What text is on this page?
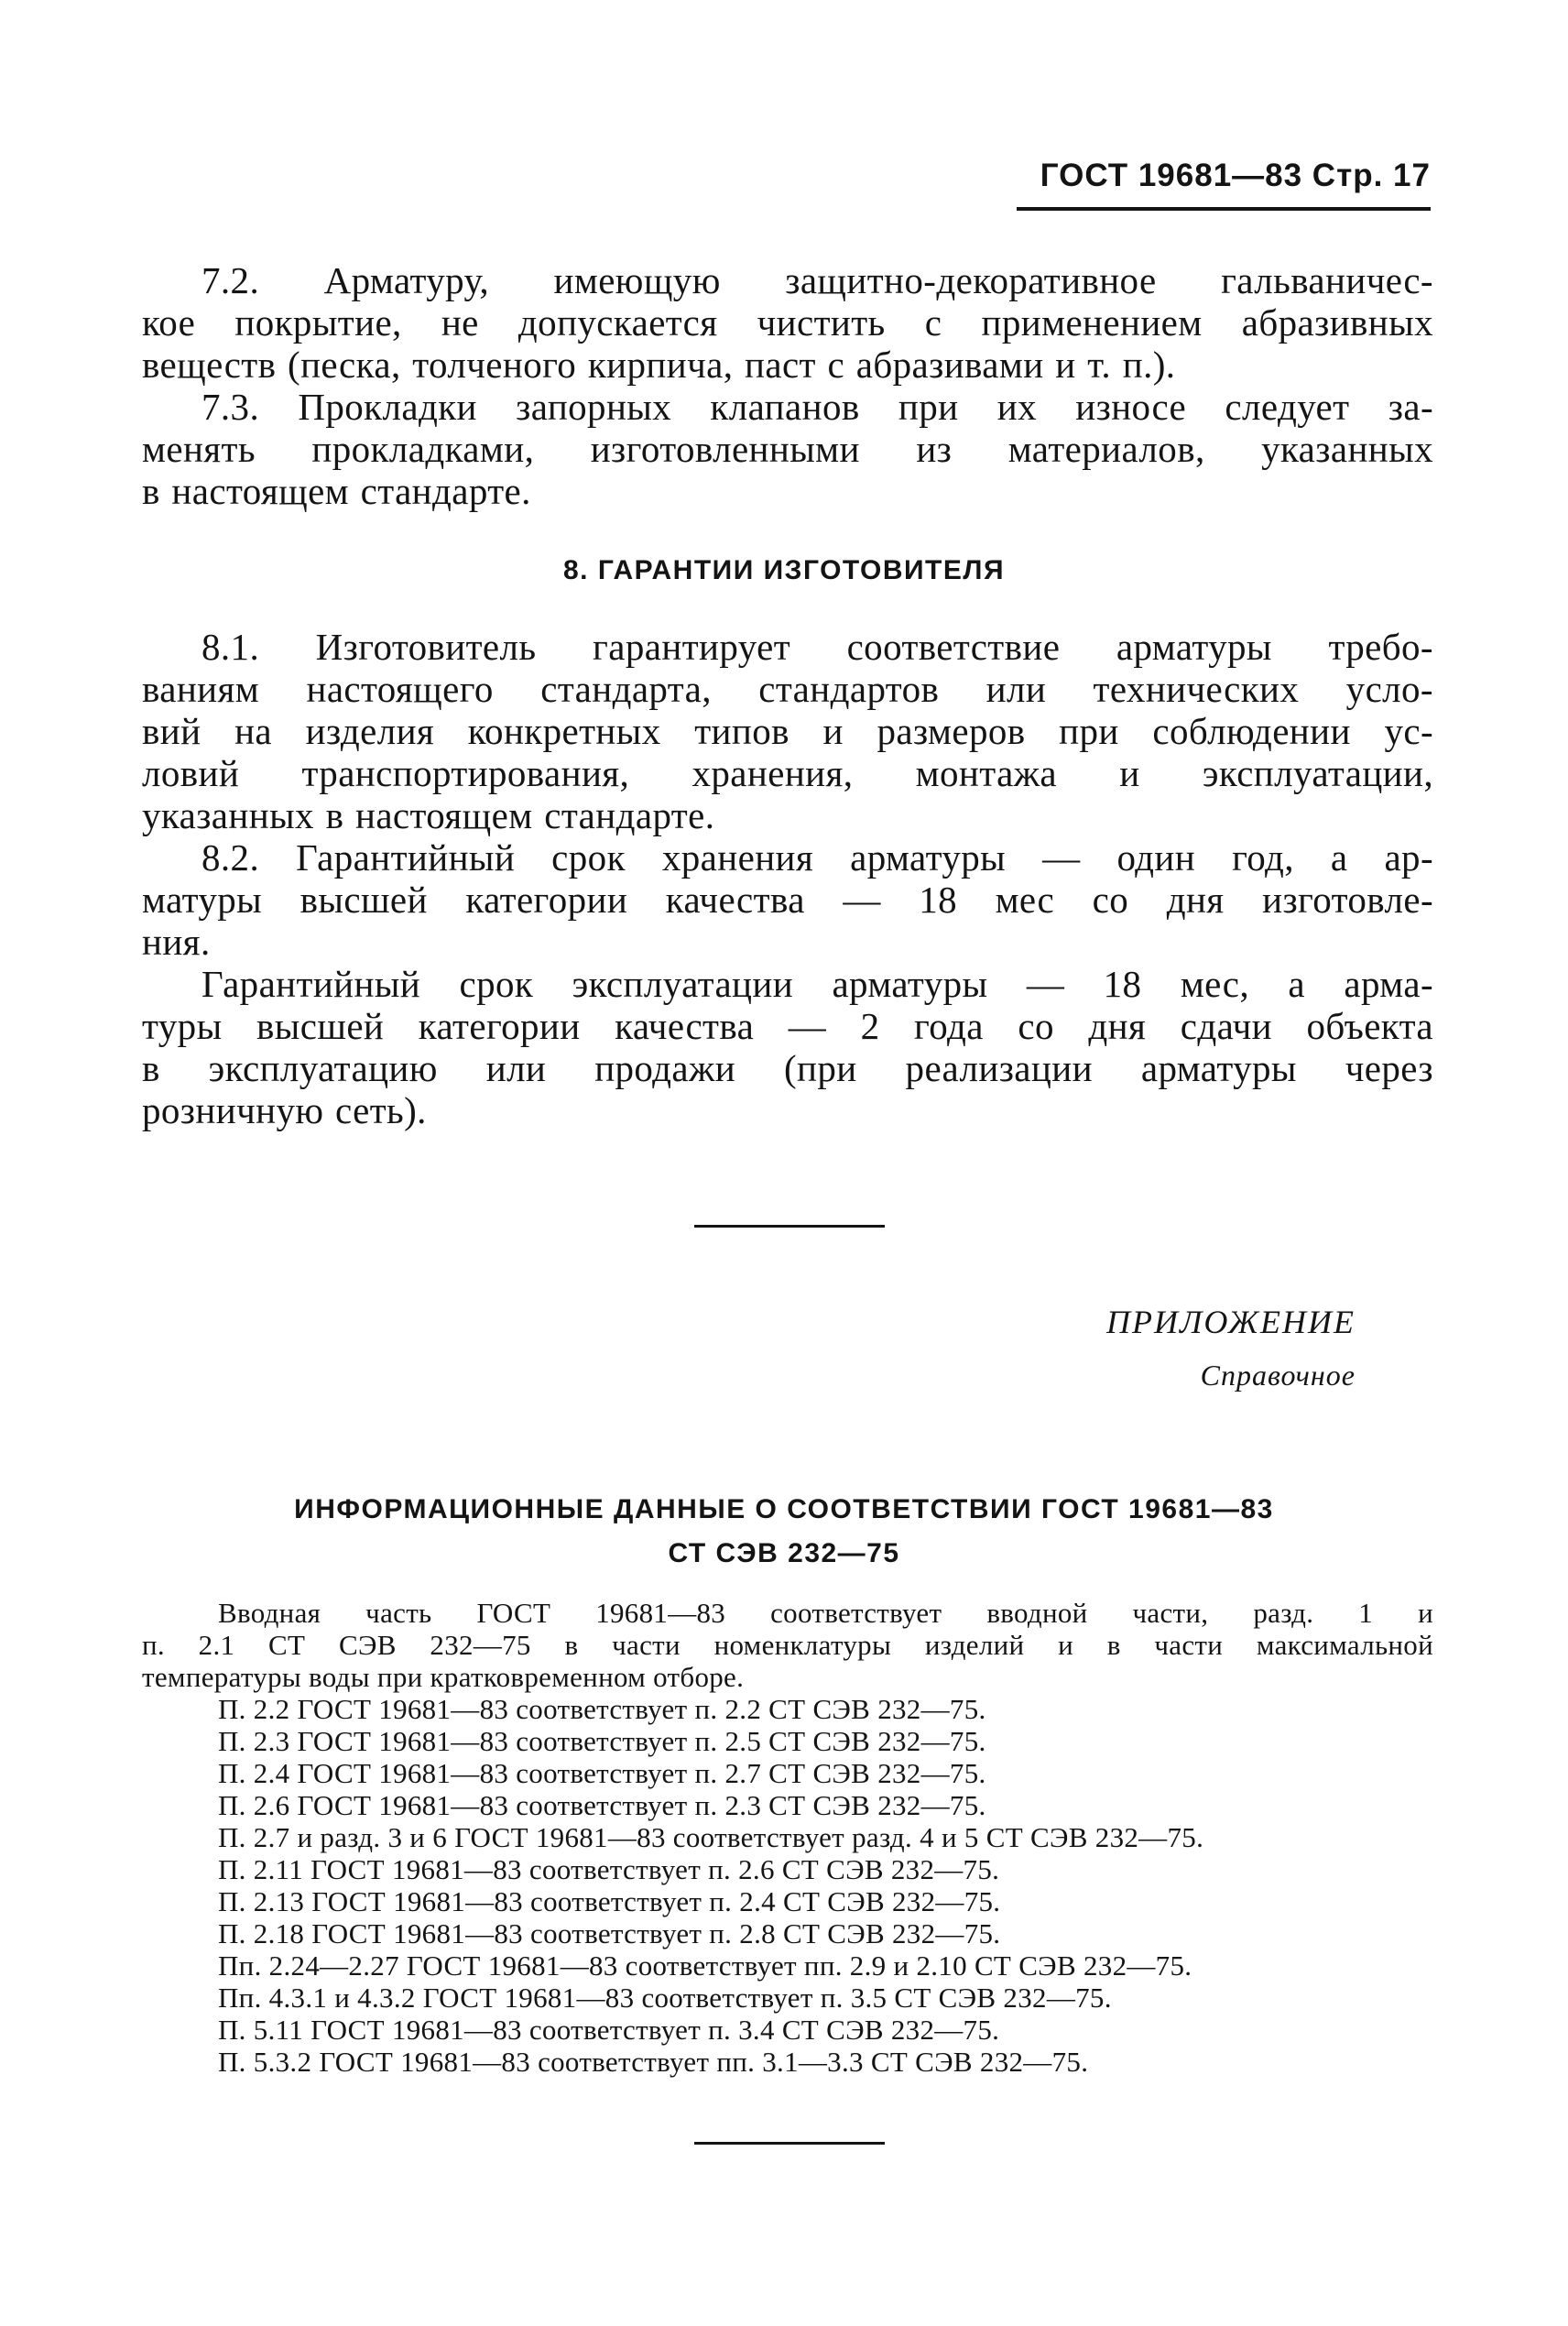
ГОСТ 19681—83 Стр. 17
7.2. Арматуру, имеющую защитно-декоративное гальваничес-
кое покрытие, не допускается чистить с применением абразивных
веществ (песка, толченого кирпича, паст с абразивами и т. п.).
7.3. Прокладки запорных клапанов при их износе следует за-
менять прокладками, изготовленными из материалов, указанных
в настоящем стандарте.
8. ГАРАНТИИ ИЗГОТОВИТЕЛЯ
8.1. Изготовитель гарантирует соответствие арматуры требо-
ваниям настоящего стандарта, стандартов или технических усло-
вий на изделия конкретных типов и размеров при соблюдении ус-
ловий транспортирования, хранения, монтажа и эксплуатации,
указанных в настоящем стандарте.
8.2. Гарантийный срок хранения арматуры — один год, а ар-
матуры высшей категории качества — 18 мес со дня изготовле-
ния.
Гарантийный срок эксплуатации арматуры — 18 мес, а арма-
туры высшей категории качества — 2 года со дня сдачи объекта
в эксплуатацию или продажи (при реализации арматуры через
розничную сеть).
ПРИЛОЖЕНИЕ
Справочное
ИНФОРМАЦИОННЫЕ ДАННЫЕ О СООТВЕТСТВИИ ГОСТ 19681—83
СТ СЭВ 232—75
Вводная часть ГОСТ 19681—83 соответствует вводной части, разд. 1 и
п. 2.1 СТ СЭВ 232—75 в части номенклатуры изделий и в части максимальной
температуры воды при кратковременном отборе.
П. 2.2 ГОСТ 19681—83 соответствует п. 2.2 СТ СЭВ 232—75.
П. 2.3 ГОСТ 19681—83 соответствует п. 2.5 СТ СЭВ 232—75.
П. 2.4 ГОСТ 19681—83 соответствует п. 2.7 СТ СЭВ 232—75.
П. 2.6 ГОСТ 19681—83 соответствует п. 2.3 СТ СЭВ 232—75.
П. 2.7 и разд. 3 и 6 ГОСТ 19681—83 соответствует разд. 4 и 5 СТ СЭВ 232—75.
П. 2.11 ГОСТ 19681—83 соответствует п. 2.6 СТ СЭВ 232—75.
П. 2.13 ГОСТ 19681—83 соответствует п. 2.4 СТ СЭВ 232—75.
П. 2.18 ГОСТ 19681—83 соответствует п. 2.8 СТ СЭВ 232—75.
Пп. 2.24—2.27 ГОСТ 19681—83 соответствует пп. 2.9 и 2.10 СТ СЭВ 232—75.
Пп. 4.3.1 и 4.3.2 ГОСТ 19681—83 соответствует п. 3.5 СТ СЭВ 232—75.
П. 5.11 ГОСТ 19681—83 соответствует п. 3.4 СТ СЭВ 232—75.
П. 5.3.2 ГОСТ 19681—83 соответствует пп. 3.1—3.3 СТ СЭВ 232—75.
